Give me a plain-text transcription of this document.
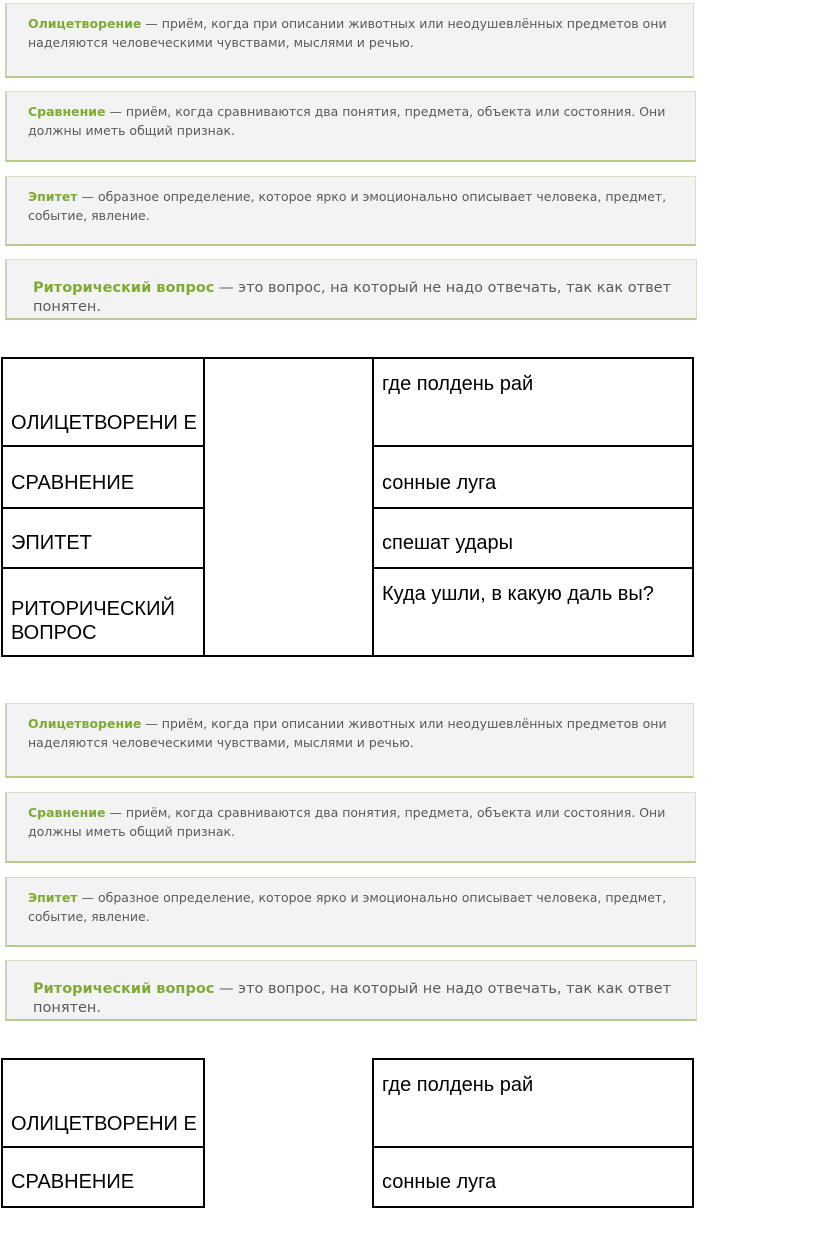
Олицетворение — приём, когда при описании животных или неодушевлённых предметов они наделяются человеческими чувствами, мыслями и речью.
Сравнение — приём, когда сравниваются два понятия, предмета, объекта или состояния. Они должны иметь общий признак.
Эпитет — образное определение, которое ярко и эмоционально описывает человека, предмет, событие, явление.
Риторический вопрос — это вопрос, на который не надо отвечать, так как ответ понятен.
ОЛИЦЕТВОРЕНИ Е		где полдень рай
СРАВНЕНИЕ		сонные луга
ЭПИТЕТ		спешат удары
РИТОРИЧЕСКИЙ ВОПРОС		Куда ушли, в какую даль вы?
Олицетворение — приём, когда при описании животных или неодушевлённых предметов они наделяются человеческими чувствами, мыслями и речью.
Сравнение — приём, когда сравниваются два понятия, предмета, объекта или состояния. Они должны иметь общий признак.
Эпитет — образное определение, которое ярко и эмоционально описывает человека, предмет, событие, явление.
Риторический вопрос — это вопрос, на который не надо отвечать, так как ответ понятен.
ОЛИЦЕТВОРЕНИ Е		где полдень рай
СРАВНЕНИЕ		сонные луга
